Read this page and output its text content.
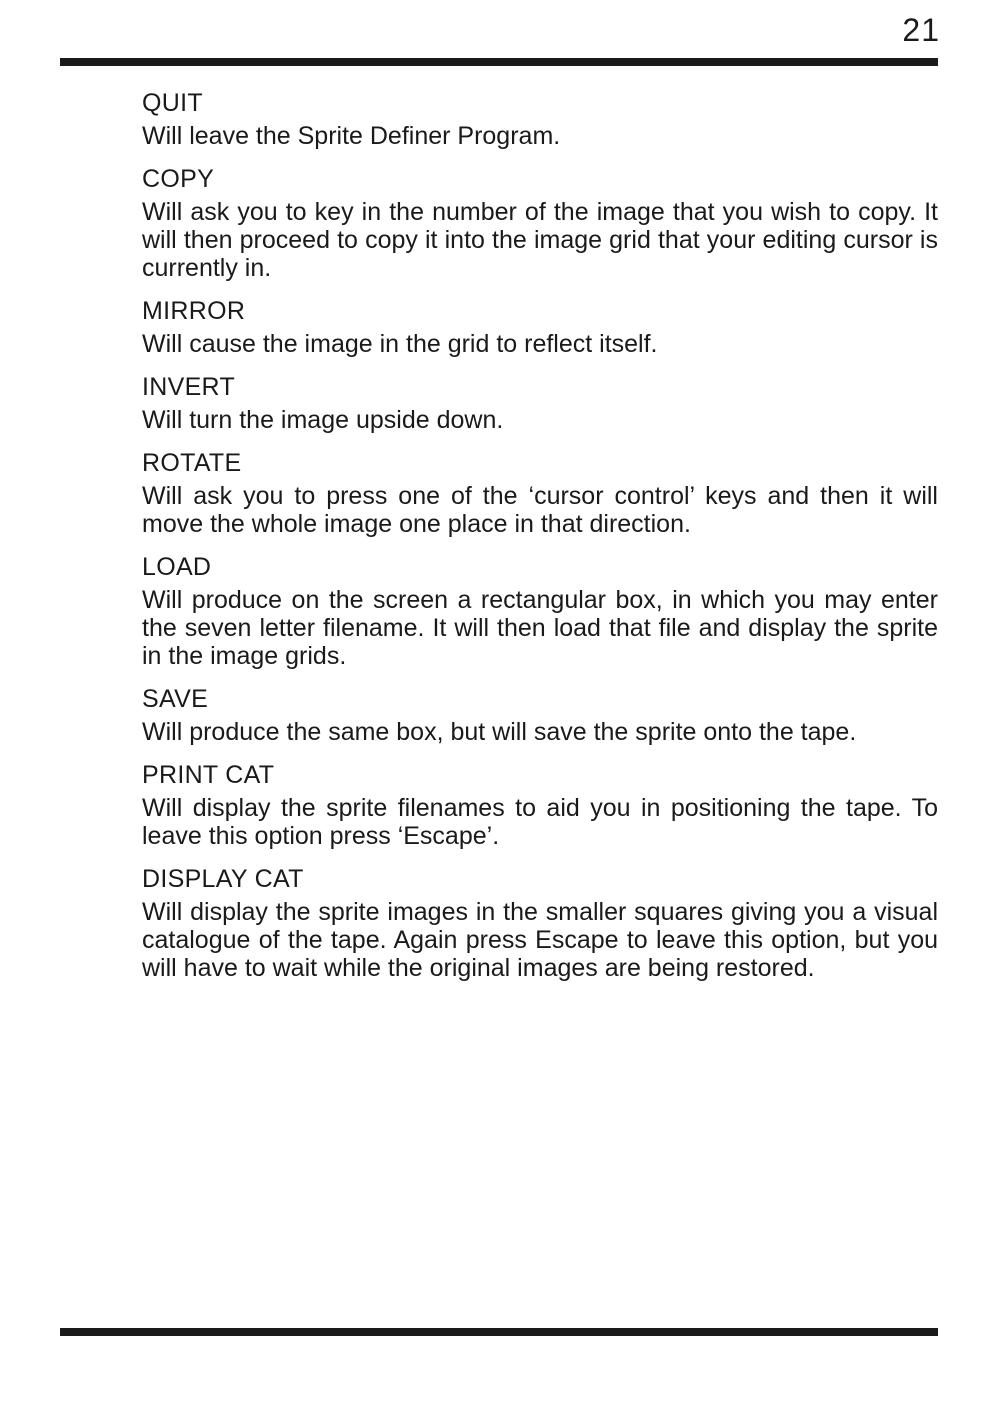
21
QUIT

Will leave the Sprite Definer Program.

COPY

Will ask you to key in the number of the image that you wish to copy. It will then proceed to copy it into the image grid that your editing cursor is currently in.

MIRROR

Will cause the image in the grid to reflect itself.

INVERT

Will turn the image upside down.

ROTATE

Will ask you to press one of the ‘cursor control’ keys and then it will move the whole image one place in that direction.

LOAD

Will produce on the screen a rectangular box, in which you may enter the seven letter filename. It will then load that file and display the sprite in the image grids.

SAVE

Will produce the same box, but will save the sprite onto the tape.

PRINT CAT

Will display the sprite filenames to aid you in positioning the tape. To leave this option press ‘Escape’.

DISPLAY CAT

Will display the sprite images in the smaller squares giving you a visual catalogue of the tape. Again press Escape to leave this option, but you will have to wait while the original images are being restored.
